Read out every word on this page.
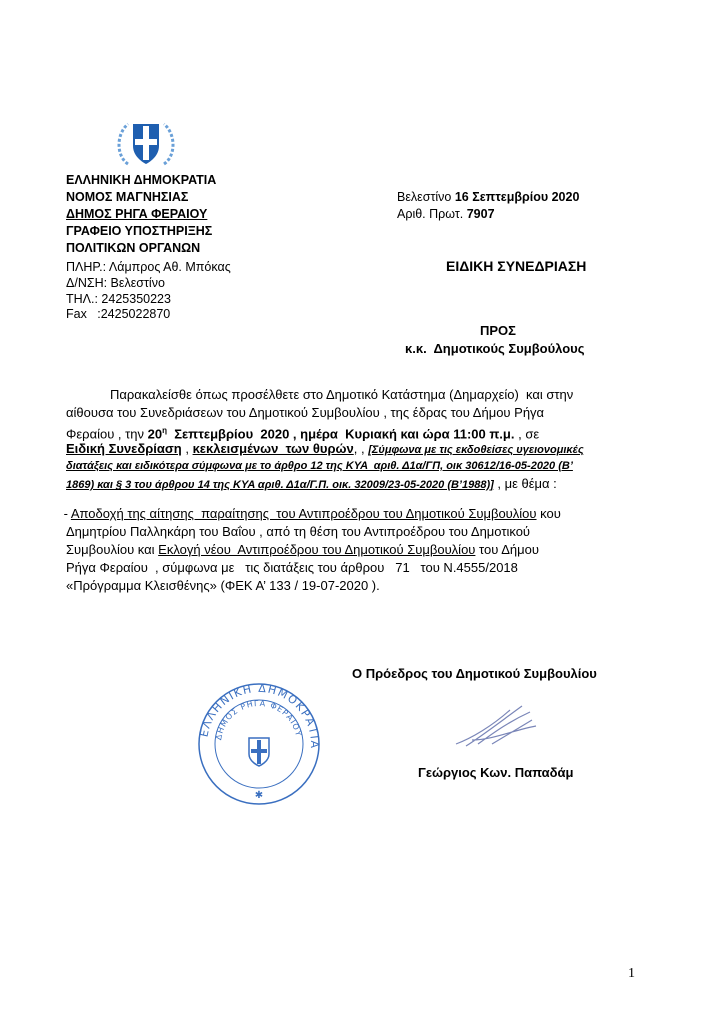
ΕΛΛΗΝΙΚΗ ΔΗΜΟΚΡΑΤΙΑ
ΝΟΜΟΣ ΜΑΓΝΗΣΙΑΣ
ΔΗΜΟΣ ΡΗΓΑ ΦΕΡΑΙΟΥ
ΓΡΑΦΕΙΟ ΥΠΟΣΤΗΡΙΞΗΣ
ΠΟΛΙΤΙΚΩΝ ΟΡΓΑΝΩΝ
ΠΛΗΡ.: Λάμπρος Αθ. Μπόκας
Δ/ΝΣΗ: Βελεστίνο
ΤΗΛ.: 2425350223
Fax   :2425022870
Βελεστίνο 16 Σεπτεμβρίου 2020
Αριθ. Πρωτ. 7907
ΕΙΔΙΚΗ ΣΥΝΕΔΡΙΑΣΗ
ΠΡΟΣ
κ.κ.  Δημοτικούς Συμβούλους
Παρακαλείσθε όπως προσέλθετε στο Δημοτικό Κατάστημα (Δημαρχείο)  και στην
αίθουσα του Συνεδριάσεων του Δημοτικού Συμβουλίου , της έδρας του Δήμου Ρήγα
Φεραίου , την $20^\eta$  Σεπτεμβρίου  2020 , ημέρα  Κυριακή και ώρα 11:00 π.μ. , σε
Ειδική Συνεδρίαση , κεκλεισμένων  των θυρών, , [Σύμφωνα με τις εκδοθείσες υγειονομικές
διατάξεις και ειδικότερα σύμφωνα με το άρθρο 12 της ΚΥΑ  αριθ. Δ1α/ΓΠ, οικ 30612/16-05-2020 (Β’
1869) και § 3 του άρθρου 14 της ΚΥΑ αριθ. Δ1α/Γ.Π. οικ. 32009/23-05-2020 (Β’1988)] , με θέμα :
- Αποδοχή της αίτησης  παραίτησης  του Αντιπροέδρου του Δημοτικού Συμβουλίου κου
Δημητρίου Παλληκάρη του Βαΐου , από τη θέση του Αντιπροέδρου του Δημοτικού
Συμβουλίου και Εκλογή νέου  Αντιπροέδρου του Δημοτικού Συμβουλίου του Δήμου
Ρήγα Φεραίου  , σύμφωνα με   τις διατάξεις του άρθρου   71   του Ν.4555/2018
«Πρόγραμμα Κλεισθένης» (ΦΕΚ Α’ 133 / 19-07-2020 ).
Ο Πρόεδρος του Δημοτικού Συμβουλίου
Γεώργιος Κων. Παπαδάμ
ΕΛΛΗΝΙΚΗ ΔΗΜΟΚΡΑΤΙΑ
ΔΗΜΟΣ ΡΗΓΑ ΦΕΡΑΙΟΥ
✱
1
